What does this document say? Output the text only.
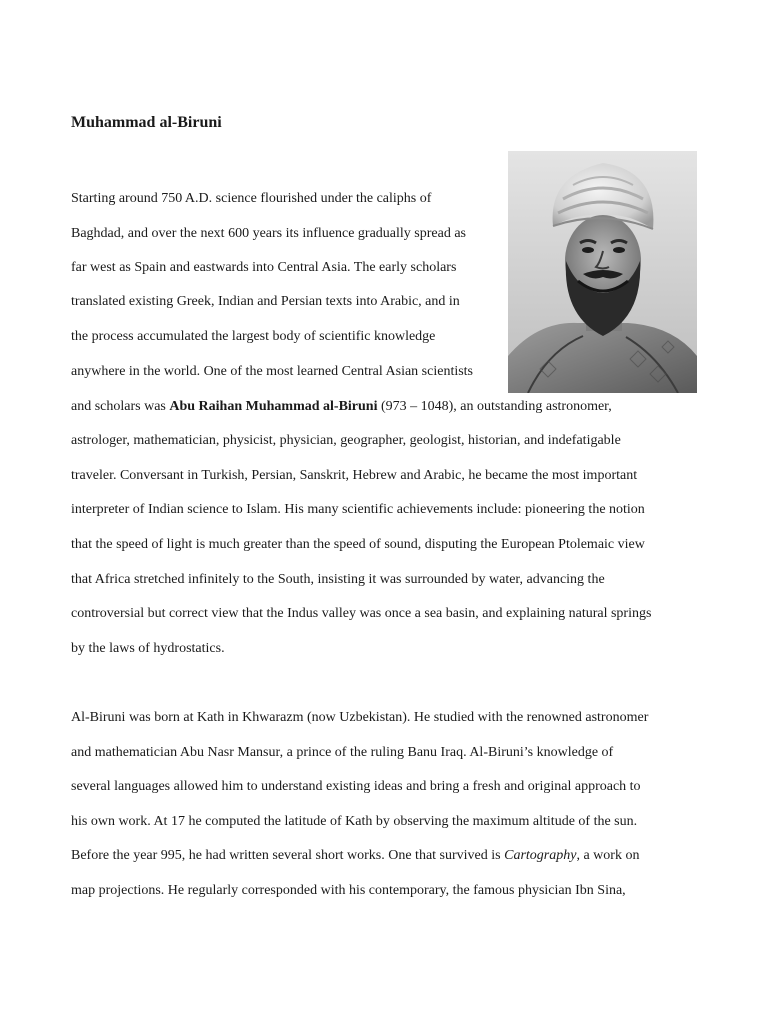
Muhammad al-Biruni

Starting around 750 A.D. science flourished under the caliphs of

Baghdad, and over the next 600 years its influence gradually spread as

far west as Spain and eastwards into Central Asia. The early scholars

translated existing Greek, Indian and Persian texts into Arabic, and in

the process accumulated the largest body of scientific knowledge

anywhere in the world. One of the most learned Central Asian scientists

and scholars was Abu Raihan Muhammad al-Biruni (973 – 1048), an outstanding astronomer,

astrologer, mathematician, physicist, physician, geographer, geologist, historian, and indefatigable

traveler. Conversant in Turkish, Persian, Sanskrit, Hebrew and Arabic, he became the most important

interpreter of Indian science to Islam. His many scientific achievements include: pioneering the notion

that the speed of light is much greater than the speed of sound, disputing the European Ptolemaic view

that Africa stretched infinitely to the South, insisting it was surrounded by water, advancing the

controversial but correct view that the Indus valley was once a sea basin, and explaining natural springs

by the laws of hydrostatics.

Al-Biruni was born at Kath in Khwarazm (now Uzbekistan). He studied with the renowned astronomer

and mathematician Abu Nasr Mansur, a prince of the ruling Banu Iraq. Al-Biruni’s knowledge of

several languages allowed him to understand existing ideas and bring a fresh and original approach to

his own work. At 17 he computed the latitude of Kath by observing the maximum altitude of the sun.

Before the year 995, he had written several short works. One that survived is Cartography, a work on

map projections. He regularly corresponded with his contemporary, the famous physician Ibn Sina,
